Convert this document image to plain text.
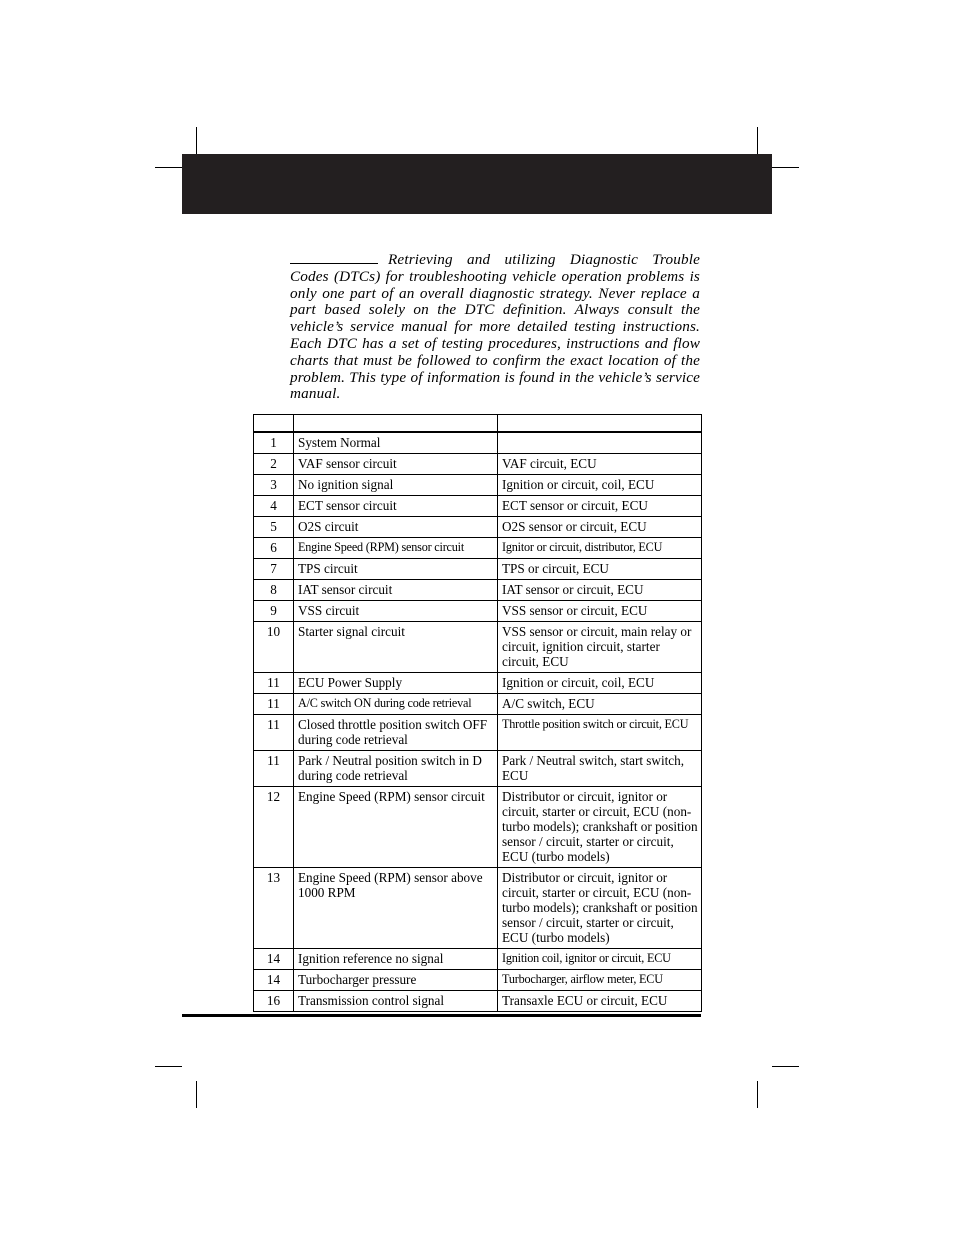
Retrieving and utilizing Diagnostic Trouble Codes (DTCs) for troubleshooting vehicle operation problems is only one part of an overall diagnostic strategy. Never replace a part based solely on the DTC definition. Always consult the vehicle’s service manual for more detailed testing instructions. Each DTC has a set of testing procedures, instructions and flow charts that must be followed to confirm the exact location of the problem. This type of information is found in the vehicle’s service manual.

1	System Normal	
2	VAF sensor circuit	VAF circuit, ECU
3	No ignition signal	Ignition or circuit, coil, ECU
4	ECT sensor circuit	ECT sensor or circuit, ECU
5	O2S circuit	O2S sensor or circuit, ECU
6	Engine Speed (RPM) sensor circuit	Ignitor or circuit, distributor, ECU
7	TPS circuit	TPS or circuit, ECU
8	IAT sensor circuit	IAT sensor or circuit, ECU
9	VSS circuit	VSS sensor or circuit, ECU
10	Starter signal circuit	VSS sensor or circuit, main relay or circuit, ignition circuit, starter circuit, ECU
11	ECU Power Supply	Ignition or circuit, coil, ECU
11	A/C switch ON during code retrieval	A/C switch, ECU
11	Closed throttle position switch OFF during code retrieval	Throttle position switch or circuit, ECU
11	Park / Neutral position switch in D during code retrieval	Park / Neutral switch, start switch, ECU
12	Engine Speed (RPM) sensor circuit	Distributor or circuit, ignitor or circuit, starter or circuit, ECU (non-turbo models); crankshaft or position sensor / circuit, starter or circuit, ECU (turbo models)
13	Engine Speed (RPM) sensor above 1000 RPM	Distributor or circuit, ignitor or circuit, starter or circuit, ECU (non-turbo models); crankshaft or position sensor / circuit, starter or circuit, ECU (turbo models)
14	Ignition reference no signal	Ignition coil, ignitor or circuit, ECU
14	Turbocharger pressure	Turbocharger, airflow meter, ECU
16	Transmission control signal	Transaxle ECU or circuit, ECU
